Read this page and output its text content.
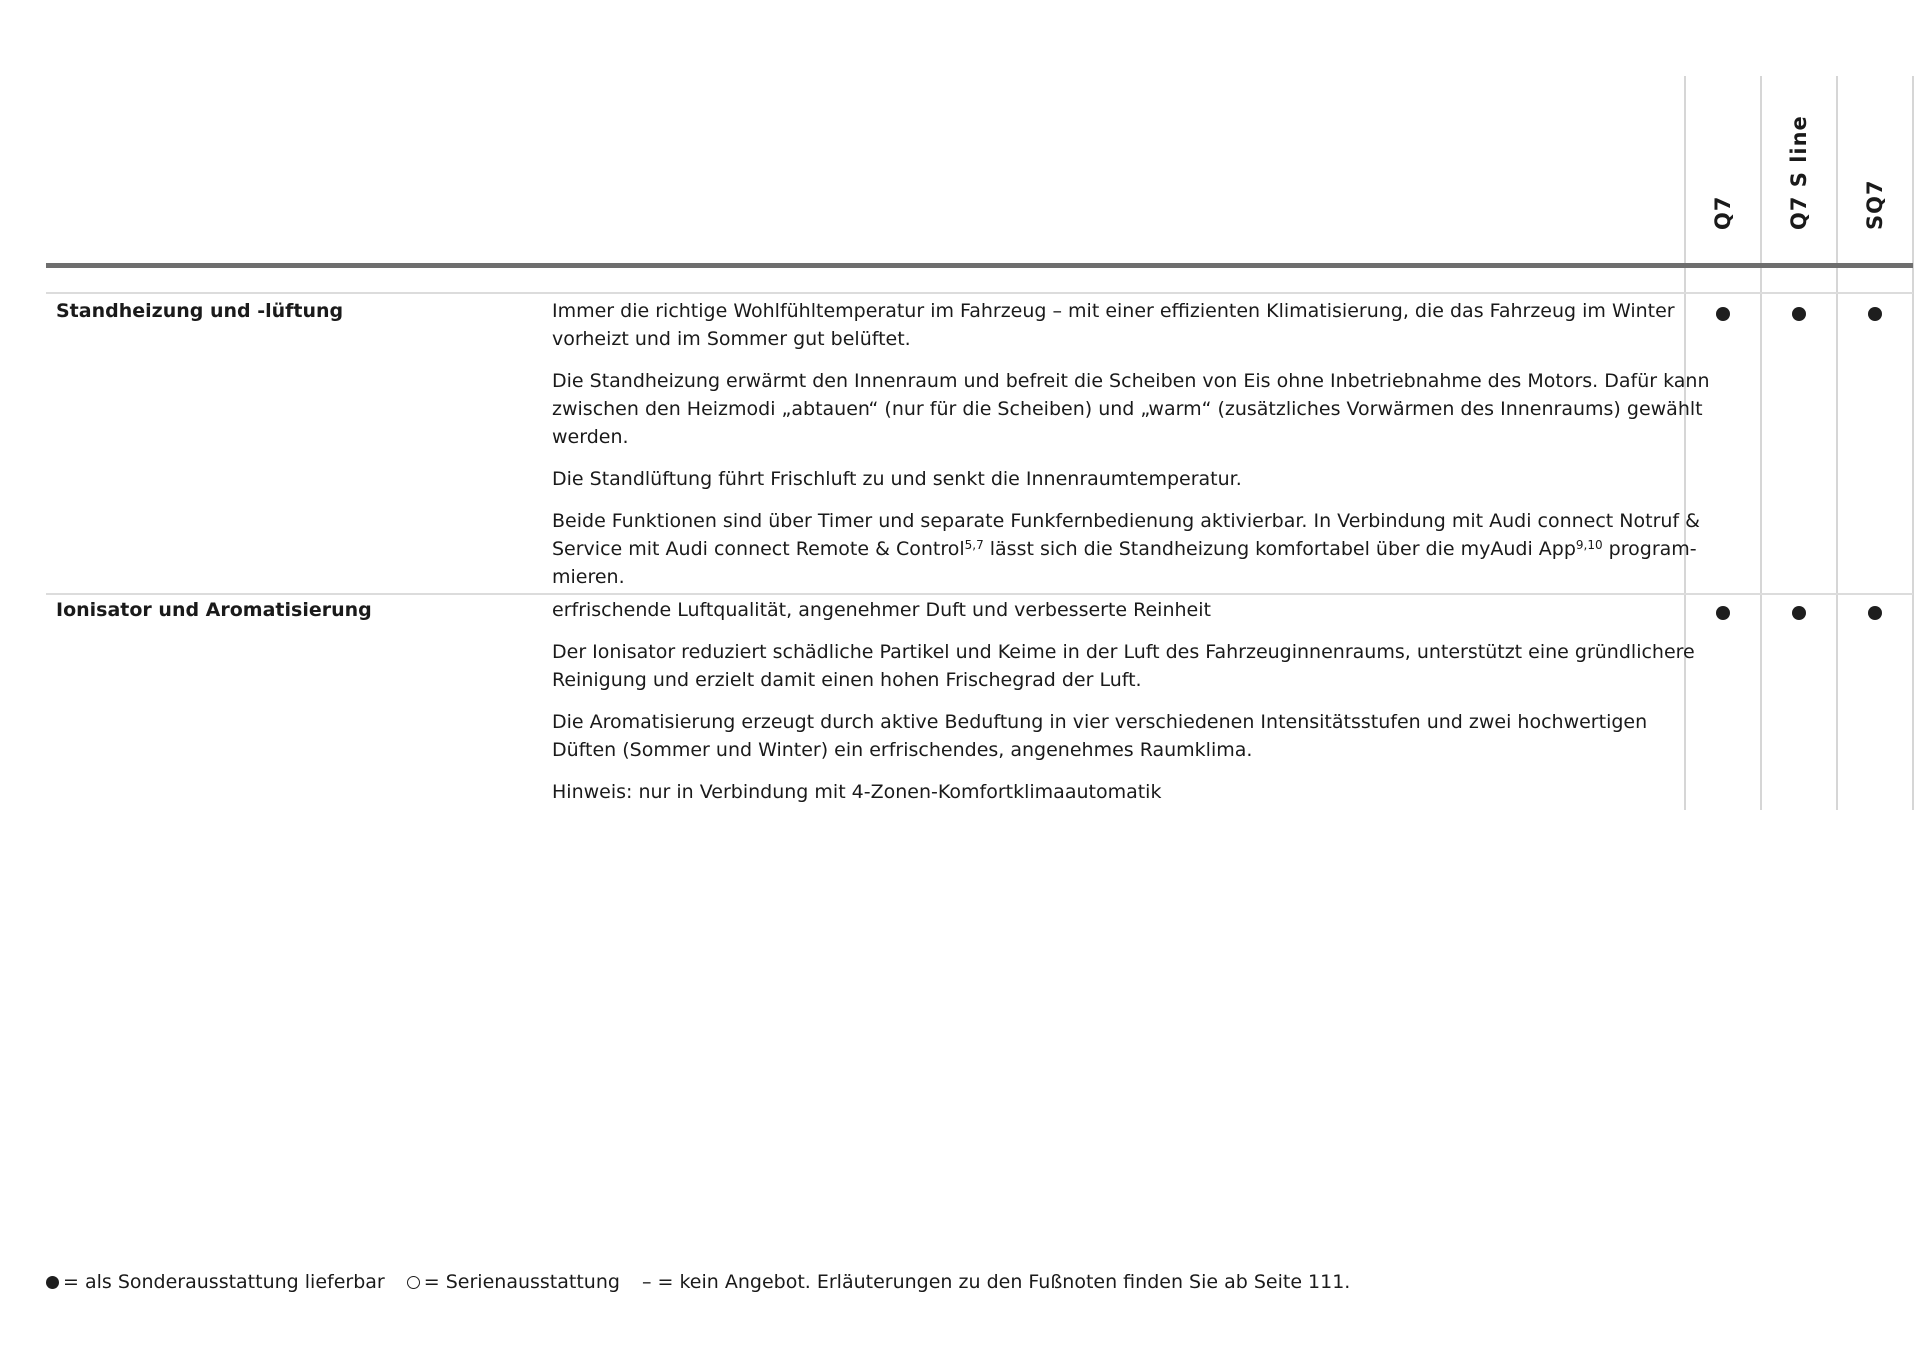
Q7 Q7 S line SQ7
Standheizung und -lüftung	Immer die richtige Wohlfühltemperatur im Fahrzeug – mit einer effizienten Klimatisierung, die das Fahrzeug im Winter vorheizt und im Sommer gut belüftet.

Die Standheizung erwärmt den Innenraum und befreit die Scheiben von Eis ohne Inbetriebnahme des Motors. Dafür kann zwischen den Heizmodi „abtauen“ (nur für die Scheiben) und „warm“ (zusätzliches Vorwärmen des Innenraums) gewählt werden.

Die Standlüftung führt Frischluft zu und senkt die Innenraumtemperatur.

Beide Funktionen sind über Timer und separate Funkfernbedienung aktivierbar. In Verbindung mit Audi connect Notruf & Service mit Audi connect Remote & Control$^{5,7}$ lässt sich die Standheizung komfortabel über die myAudi App$^{9,10}$ programmieren.

Ionisator und Aromatisierung	erfrischende Luftqualität, angenehmer Duft und verbesserte Reinheit

Der Ionisator reduziert schädliche Partikel und Keime in der Luft des Fahrzeuginnenraums, unterstützt eine gründlichere Reinigung und erzielt damit einen hohen Frischegrad der Luft.

Die Aromatisierung erzeugt durch aktive Beduftung in vier verschiedenen Intensitätsstufen und zwei hochwertigen Düften (Sommer und Winter) ein erfrischendes, angenehmes Raumklima.

Hinweis: nur in Verbindung mit 4-Zonen-Komfortklimaautomatik

= als Sonderausstattung lieferbar = Serienausstattung – = kein Angebot. Erläuterungen zu den Fußnoten finden Sie ab Seite 111.
